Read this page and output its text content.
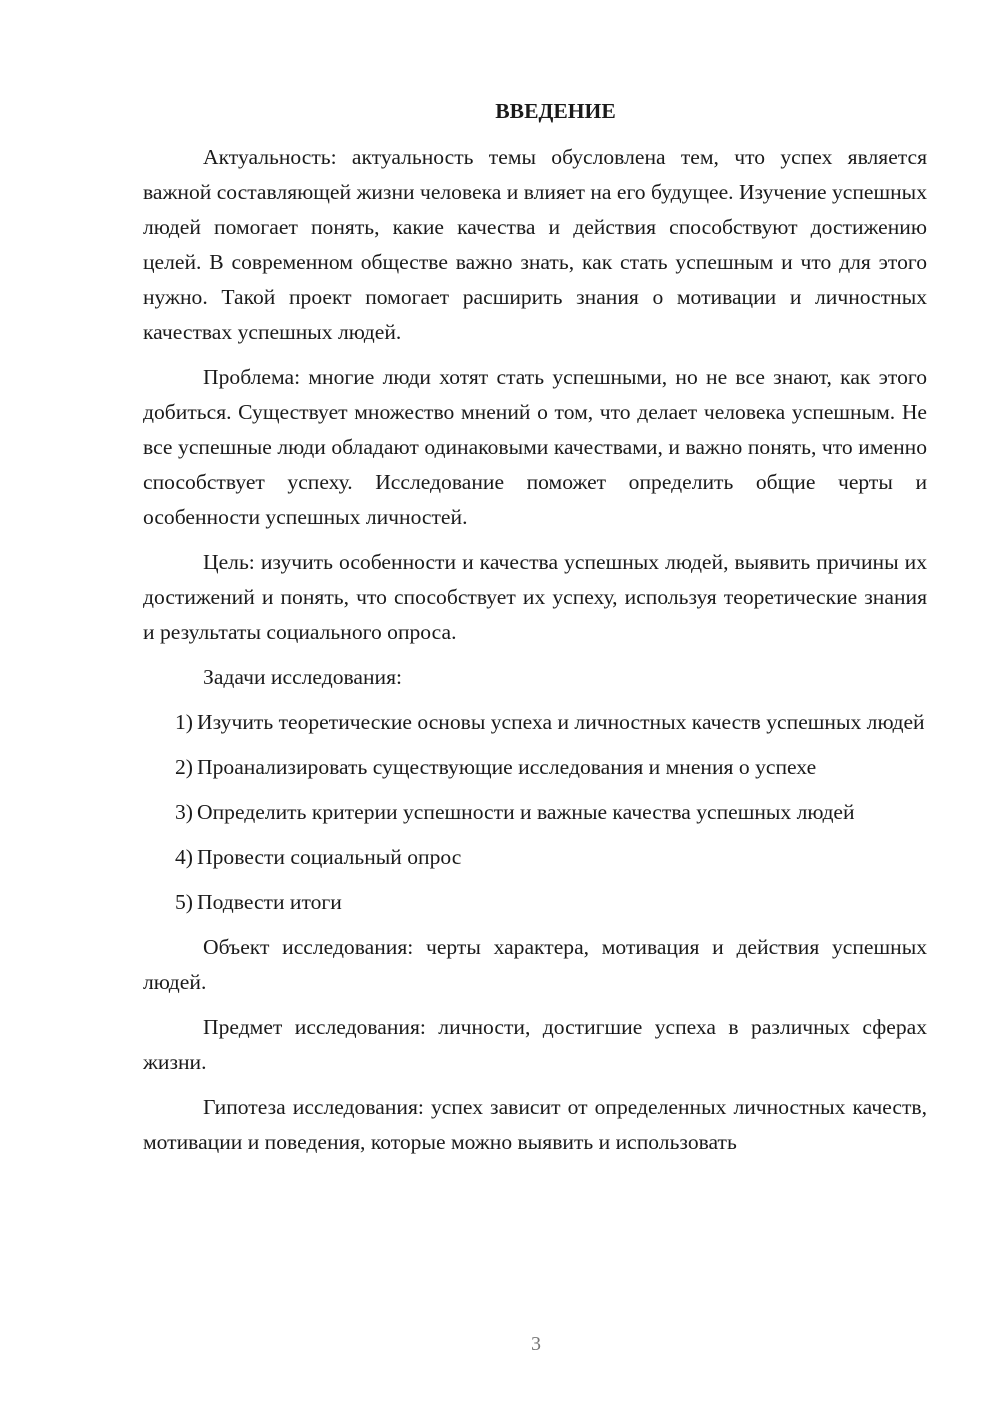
ВВЕДЕНИЕ

Актуальность: актуальность темы обусловлена тем, что успех является важной составляющей жизни человека и влияет на его будущее. Изучение успешных людей помогает понять, какие качества и действия способствуют достижению целей. В современном обществе важно знать, как стать успешным и что для этого нужно. Такой проект помогает расширить знания о мотивации и личностных качествах успешных людей.

Проблема: многие люди хотят стать успешными, но не все знают, как этого добиться. Существует множество мнений о том, что делает человека успешным. Не все успешные люди обладают одинаковыми качествами, и важно понять, что именно способствует успеху. Исследование поможет определить общие черты и особенности успешных личностей.

Цель: изучить особенности и качества успешных людей, выявить причины их достижений и понять, что способствует их успеху, используя теоретические знания и результаты социального опроса.

Задачи исследования:

1) Изучить теоретические основы успеха и личностных качеств успешных людей

2) Проанализировать существующие исследования и мнения о успехе

3) Определить критерии успешности и важные качества успешных людей

4) Провести социальный опрос

5) Подвести итоги

Объект исследования: черты характера, мотивация и действия успешных людей.

Предмет исследования: личности, достигшие успеха в различных сферах жизни.

Гипотеза исследования: успех зависит от определенных личностных качеств, мотивации и поведения, которые можно выявить и использовать

3
